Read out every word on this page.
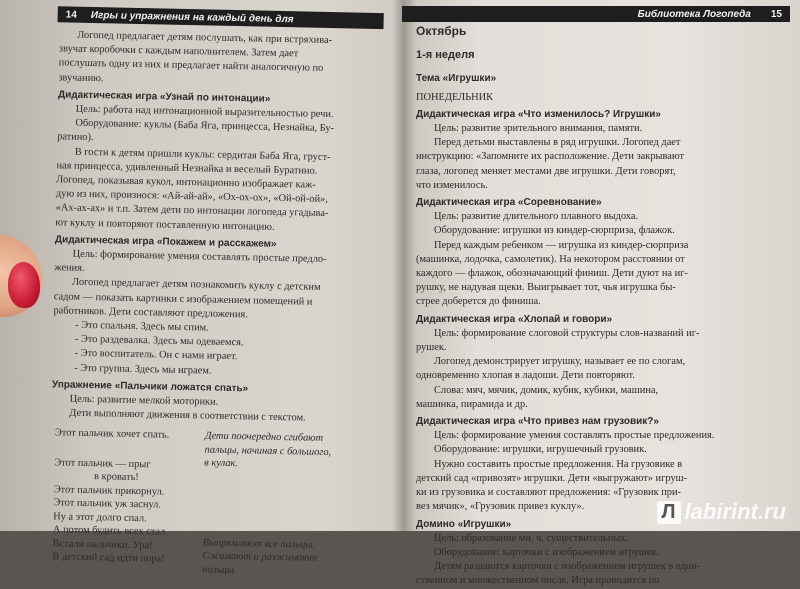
14	Игры и упражнения на каждый день для

Логопед предлагает детям послушать, как при встряхива-

звучат коробочки с каждым наполнителем. Затем дает

послушать одну из них и предлагает найти аналогичную по

звучанию.

Дидактическая игра «Узнай по интонации»

Цель: работа над интонационной выразительностью речи.

Оборудование: куклы (Баба Яга, принцесса, Незнайка, Бу-

ратино).

В гости к детям пришли куклы: сердитая Баба Яга, груст-

ная принцесса, удивленный Незнайка и веселый Буратино.

Логопед, показывая кукол, интонационно изображает каж-

дую из них, произнося: «Ай-ай-ай», «Ох-ох-ох», «Ой-ой-ой»,

«Ах-ах-ах» и т.п. Затем дети по интонации логопеда угадыва-

ют куклу и повторяют поставленную интонацию.

Дидактическая игра «Покажем и расскажем»

Цель: формирование умения составлять простые предло-

жения.

Логопед предлагает детям познакомить куклу с детским

садом — показать картинки с изображением помещений и

работников. Дети составляют предложения.

- Это спальня. Здесь мы спим.

- Это раздевалка. Здесь мы одеваемся.

- Это воспитатель. Он с нами играет.

- Это группа. Здесь мы играем.

Упражнение «Пальчики ложатся спать»

Цель: развитие мелкой моторики.

Дети выполняют движения в соответствии с текстом.

Этот пальчик хочет спать.
Этот пальчик — прыг
в кровать!
Этот пальчик прикорнул.
Этот пальчик уж заснул.
Ну а этот долго спал.
А потом будить всех стал.
Встали пальчики. Ура!
В детский сад идти пора!
Дети поочередно сгибают
пальцы, начиная с большого,
в кулак.
Выпрямляют все пальцы.
Сжимают и разжимают
пальцы.
Библиотека Логопеда	15

Октябрь

1-я неделя

Тема «Игрушки»

ПОНЕДЕЛЬНИК

Дидактическая игра «Что изменилось? Игрушки»

Цель: развитие зрительного внимания, памяти.

Перед детьми выставлены в ряд игрушки. Логопед дает

инструкцию: «Запомните их расположение. Дети закрывают

глаза, логопед меняет местами две игрушки. Дети говорят,

что изменилось.

Дидактическая игра «Соревнование»

Цель: развитие длительного плавного выдоха.

Оборудование: игрушки из киндер-сюрприза, флажок.

Перед каждым ребенком — игрушка из киндер-сюрприза

(машинка, лодочка, самолетик). На некотором расстоянии от

каждого — флажок, обозначающий финиш. Дети дуют на иг-

рушку, не надувая щеки. Выигрывает тот, чья игрушка бы-

стрее доберется до финиша.

Дидактическая игра «Хлопай и говори»

Цель: формирование слоговой структуры слов-названий иг-

рушек.

Логопед демонстрирует игрушку, называет ее по слогам,

одновременно хлопая в ладоши. Дети повторяют.

Слова: мяч, мячик, домик, кубик, кубики, машина,

машинка, пирамида и др.

Дидактическая игра «Что привез нам грузовик?»

Цель: формирование умения составлять простые предложения.

Оборудование: игрушки, игрушечный грузовик.

Нужно составить простые предложения. На грузовике в

детский сад «привозят» игрушки. Дети «выгружают» игруш-

ки из грузовика и составляют предложения: «Грузовик при-

вез мячик», «Грузовик привез куклу».

Домино «Игрушки»

Цель: образование мн. ч. существительных.

Оборудование: карточки с изображением игрушек.

Детям раздаются карточки с изображением игрушек в един-

ственном и множественном числе. Игра проводится по

Л labirint.ru
